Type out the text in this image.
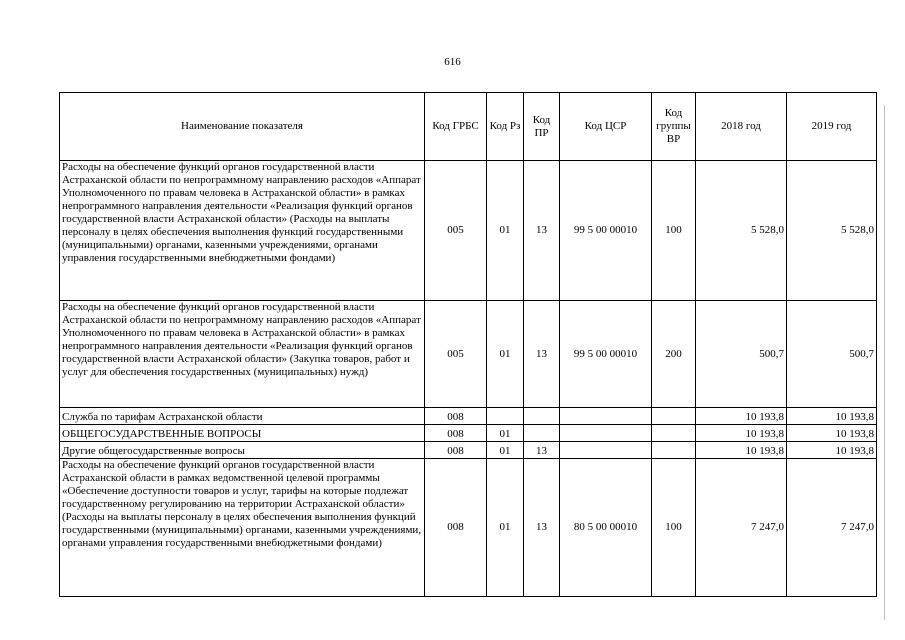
616
Наименование показателя	Код ГРБС	Код Рз	Код ПР	Код ЦСР	Код группы ВР	2018 год	2019 год
Расходы на обеспечение функций органов государственной власти Астраханской области по непрограммному направлению расходов «Аппарат Уполномоченного по правам человека в Астраханской области» в рамках непрограммного направления деятельности «Реализация функций органов государственной власти Астраханской области» (Расходы на выплаты персоналу в целях обеспечения выполнения функций государственными (муниципальными) органами, казенными учреждениями, органами управления государственными внебюджетными фондами)	005	01	13	99 5 00 00010	100	5 528,0	5 528,0
Расходы на обеспечение функций органов государственной власти Астраханской области по непрограммному направлению расходов «Аппарат Уполномоченного по правам человека в Астраханской области» в рамках непрограммного направления деятельности «Реализация функций органов государственной власти Астраханской области» (Закупка товаров, работ и услуг для обеспечения государственных (муниципальных) нужд)	005	01	13	99 5 00 00010	200	500,7	500,7
Служба по тарифам Астраханской области	008					10 193,8	10 193,8
ОБЩЕГОСУДАРСТВЕННЫЕ ВОПРОСЫ	008	01				10 193,8	10 193,8
Другие общегосударственные вопросы	008	01	13			10 193,8	10 193,8
Расходы на обеспечение функций органов государственной власти Астраханской области в рамках ведомственной целевой программы «Обеспечение доступности товаров и услуг, тарифы на которые подлежат государственному регулированию на территории Астраханской области» (Расходы на выплаты персоналу в целях обеспечения выполнения функций государственными (муниципальными) органами, казенными учреждениями, органами управления государственными внебюджетными фондами)	008	01	13	80 5 00 00010	100	7 247,0	7 247,0
